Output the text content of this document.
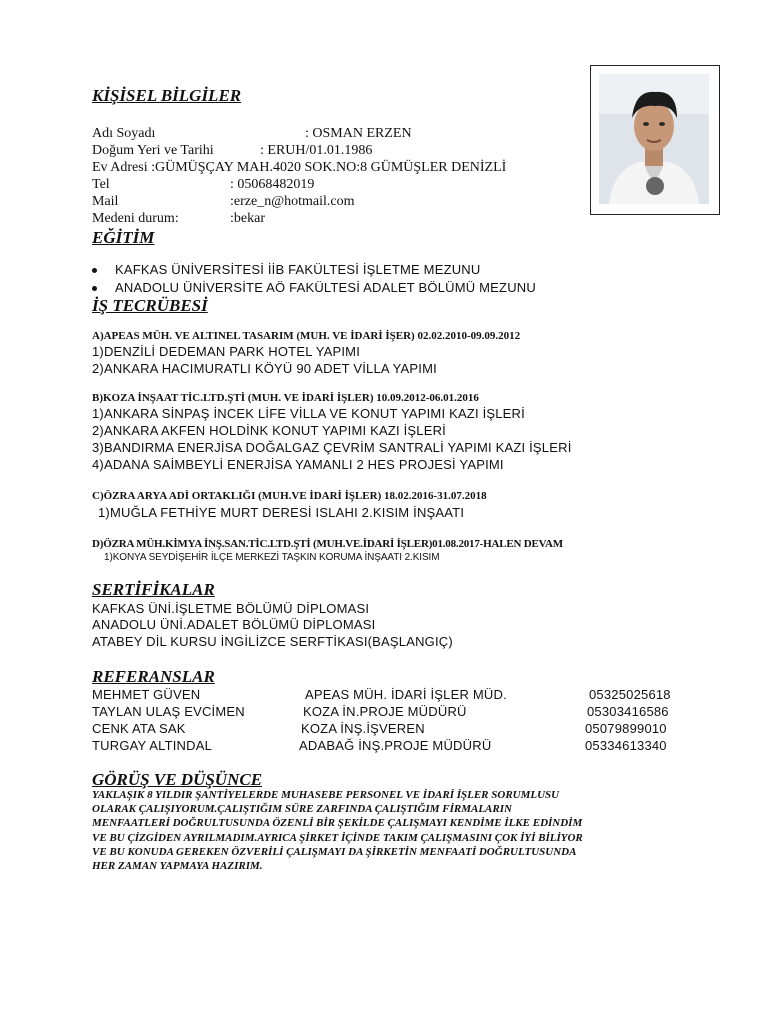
KİŞİSEL BİLGİLER
Adı Soyadı	: OSMAN ERZEN
Doğum Yeri ve Tarihi	: ERUH/01.01.1986
Ev Adresi :GÜMÜŞÇAY MAH.4020 SOK.NO:8 GÜMÜŞLER DENİZLİ
Tel	: 05068482019
Mail	:erze_n@hotmail.com
Medeni durum:	:bekar
EĞİTİM
KAFKAS ÜNİVERSİTESİ İİB FAKÜLTESİ İŞLETME MEZUNU
ANADOLU ÜNİVERSİTE AÖ FAKÜLTESİ ADALET BÖLÜMÜ MEZUNU
İŞ TECRÜBESİ
A)APEAS MÜH. VE ALTINEL TASARIM (MUH. VE İDARİ İŞER) 02.02.2010-09.09.2012
1)DENZİLİ DEDEMAN PARK HOTEL YAPIMI
2)ANKARA HACIMURATLI KÖYÜ 90 ADET VİLLA YAPIMI
B)KOZA İNŞAAT TİC.LTD.ŞTİ (MUH. VE İDARİ İŞLER) 10.09.2012-06.01.2016
1)ANKARA SİNPAŞ İNCEK LİFE VİLLA VE KONUT YAPIMI KAZI İŞLERİ
2)ANKARA AKFEN HOLDİNK KONUT YAPIMI KAZI İŞLERİ
3)BANDIRMA ENERJİSA DOĞALGAZ ÇEVRİM SANTRALİ YAPIMI KAZI İŞLERİ
4)ADANA SAİMBEYLİ ENERJİSA YAMANLI 2 HES PROJESİ YAPIMI
C)ÖZRA ARYA ADİ ORTAKLIĞI (MUH.VE İDARİ İŞLER) 18.02.2016-31.07.2018
1)MUĞLA FETHİYE MURT DERESİ ISLAHI 2.KISIM İNŞAATI
D)ÖZRA MÜH.KİMYA İNŞ.SAN.TİC.LTD.ŞTİ (MUH.VE.İDARİ İŞLER)01.08.2017-HALEN DEVAM
1)KONYA SEYDİŞEHİR İLÇE MERKEZİ TAŞKIN KORUMA İNŞAATI 2.KISIM
SERTİFİKALAR
KAFKAS ÜNİ.İŞLETME BÖLÜMÜ DİPLOMASI
ANADOLU ÜNİ.ADALET BÖLÜMÜ DİPLOMASI
ATABEY DİL KURSU İNGİLİZCE SERFTİKASI(BAŞLANGIÇ)
REFERANSLAR
MEHMET GÜVEN	APEAS MÜH. İDARİ İŞLER MÜD.	05325025618
TAYLAN ULAŞ EVCİMEN	KOZA İN.PROJE MÜDÜRÜ	05303416586
CENK ATA SAK	KOZA İNŞ.İŞVEREN	05079899010
TURGAY ALTINDAL	ADABAĞ İNŞ.PROJE MÜDÜRÜ	05334613340
GÖRÜŞ VE DÜŞÜNCE
YAKLAŞIK 8 YILDIR ŞANTİYELERDE MUHASEBE PERSONEL VE İDARİ İŞLER SORUMLUSU
OLARAK ÇALIŞIYORUM.ÇALIŞTIĞIM SÜRE ZARFINDA ÇALIŞTIĞIM FİRMALARIN
MENFAATLERİ DOĞRULTUSUNDA ÖZENLİ BİR ŞEKİLDE ÇALIŞMAYI KENDİME İLKE EDİNDİM
VE BU ÇİZGİDEN AYRILMADIM.AYRICA ŞİRKET İÇİNDE TAKIM ÇALIŞMASINI ÇOK İYİ BİLİYOR
VE BU KONUDA GEREKEN ÖZVERİLİ ÇALIŞMAYI DA ŞİRKETİN MENFAATİ DOĞRULTUSUNDA
HER ZAMAN YAPMAYA HAZIRIM.
